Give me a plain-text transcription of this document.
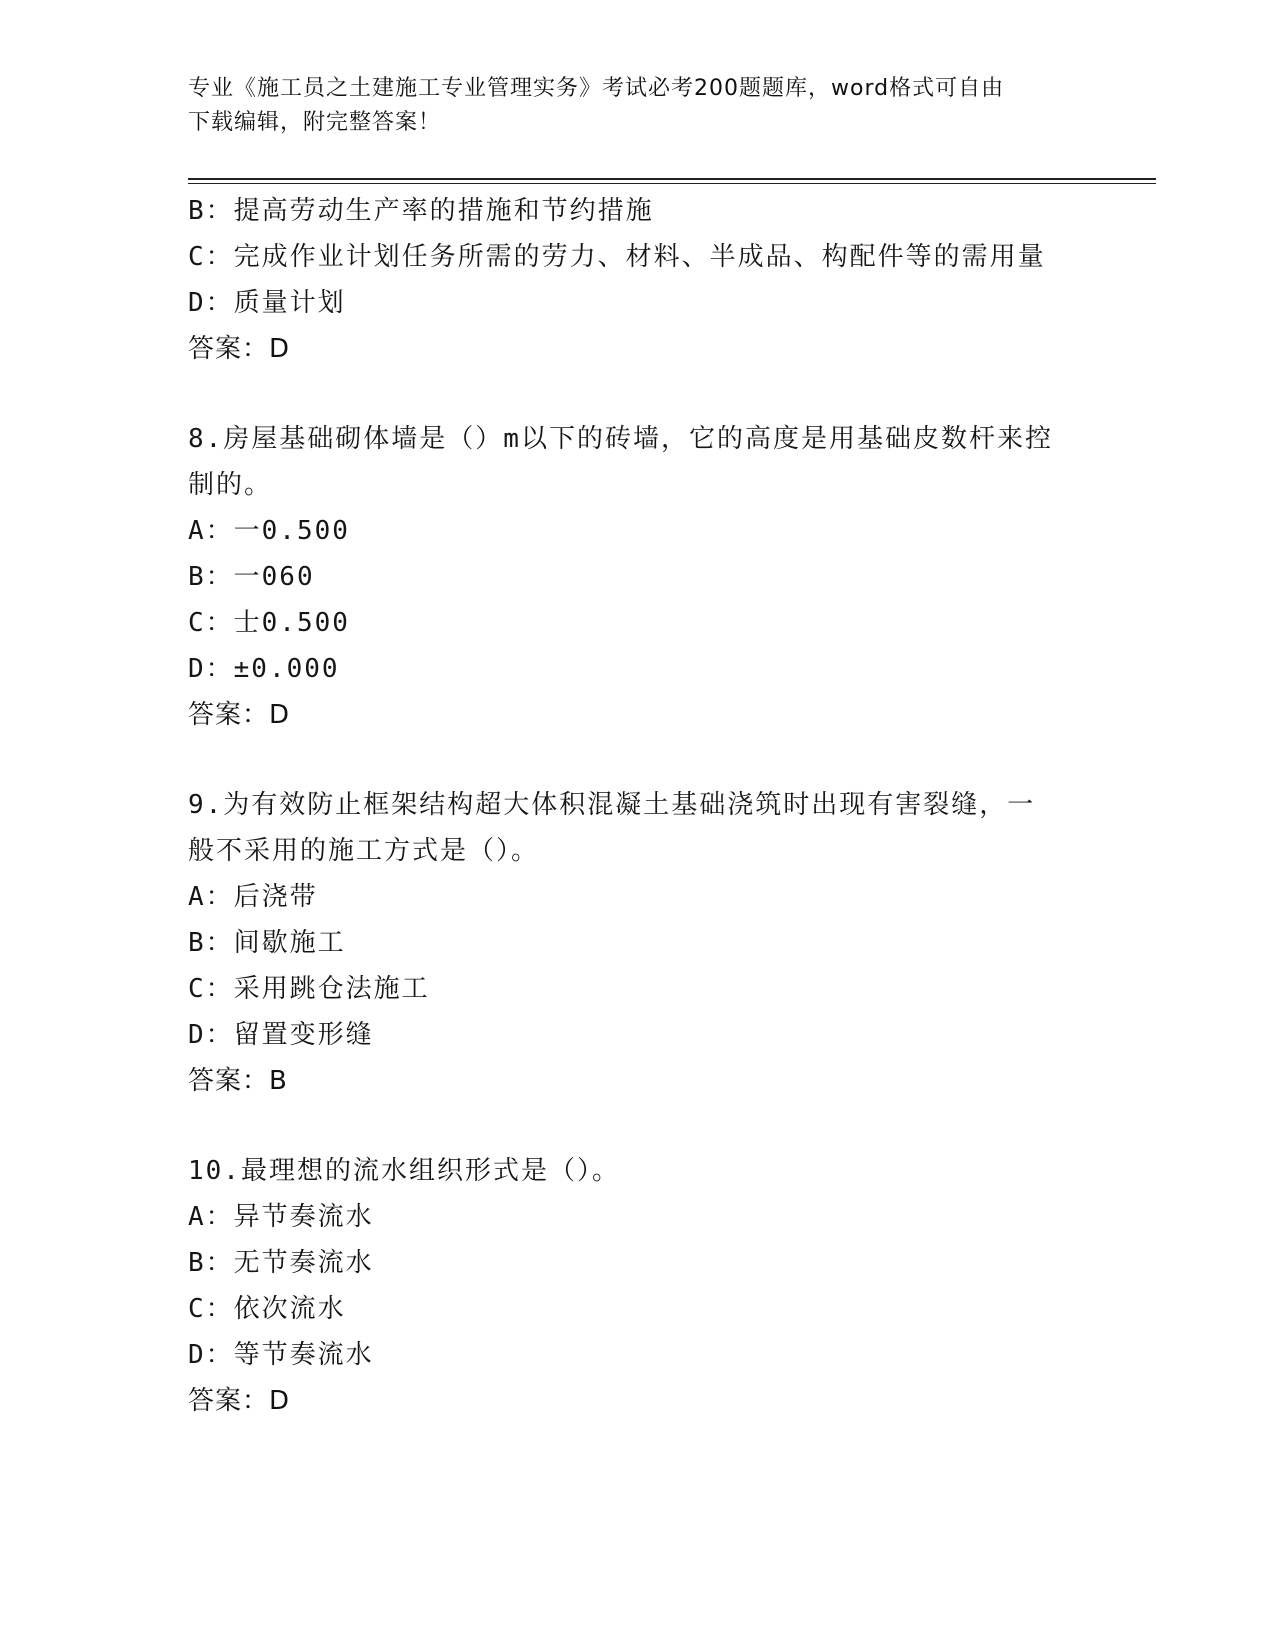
专业《施工员之土建施工专业管理实务》考试必考200题题库，word格式可自由
下载编辑，附完整答案！
B：提高劳动生产率的措施和节约措施
C：完成作业计划任务所需的劳力、材料、半成品、构配件等的需用量
D：质量计划
答案：D
8.房屋基础砌体墙是（）m以下的砖墙，它的高度是用基础皮数杆来控
制的。
A：一0.500
B：一060
C：士0.500
D：±0.000
答案：D
9.为有效防止框架结构超大体积混凝土基础浇筑时出现有害裂缝，一
般不采用的施工方式是（）。
A：后浇带
B：间歇施工
C：采用跳仓法施工
D：留置变形缝
答案：B
10.最理想的流水组织形式是（）。
A：异节奏流水
B：无节奏流水
C：依次流水
D：等节奏流水
答案：D
